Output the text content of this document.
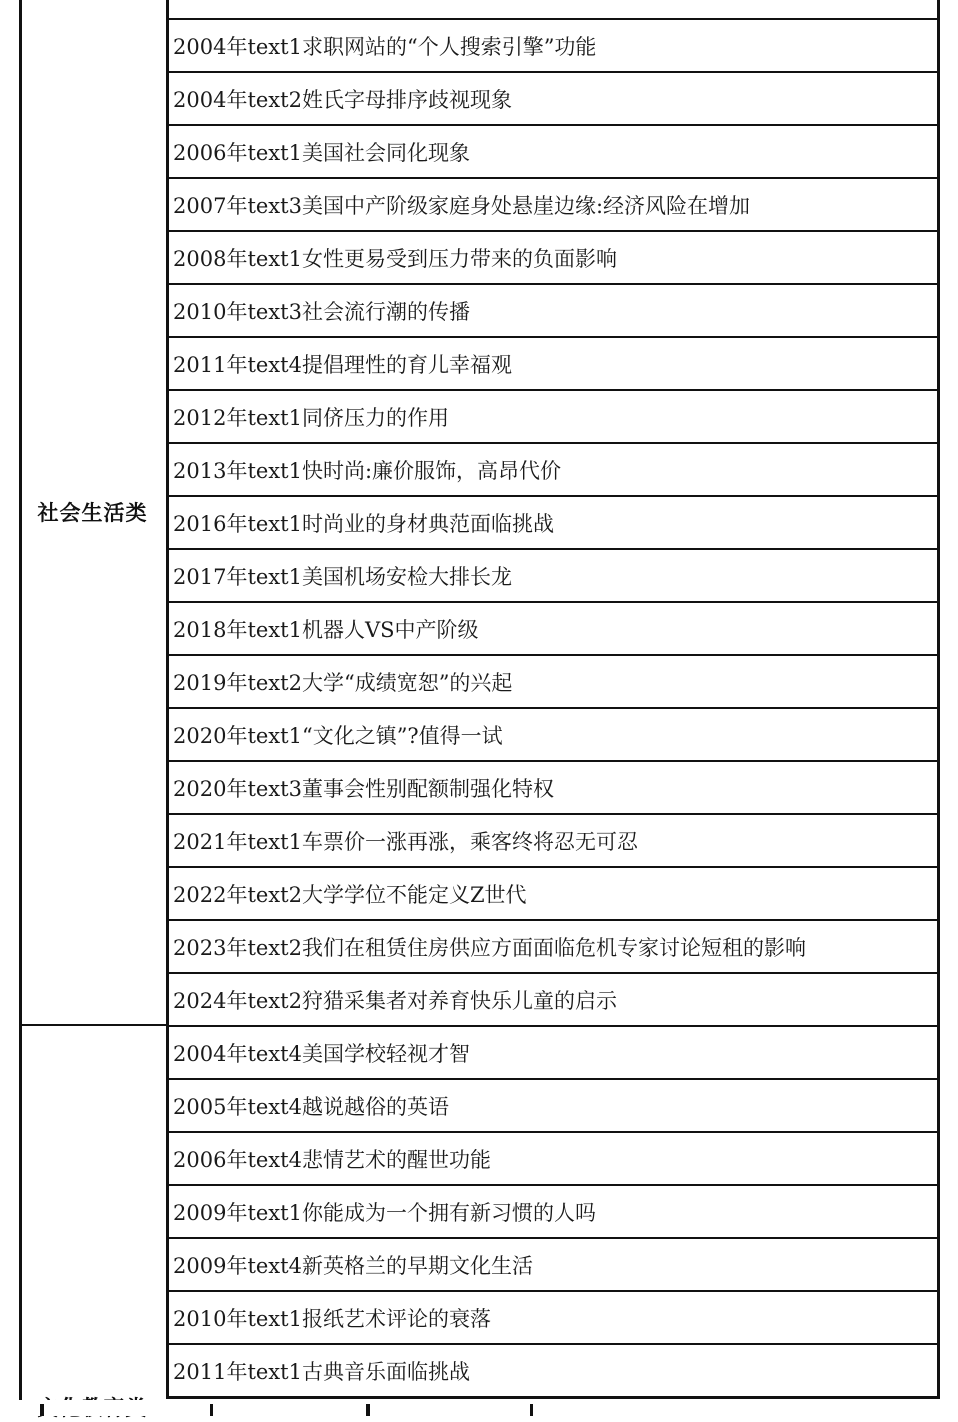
社会生活类
2004年text1求职网站的“个人搜索引擎”功能
2004年text2姓氏字母排序歧视现象
2006年text1美国社会同化现象
2007年text3美国中产阶级家庭身处悬崖边缘:经济风险在增加
2008年text1女性更易受到压力带来的负面影响
2010年text3社会流行潮的传播
2011年text4提倡理性的育儿幸福观
2012年text1同侪压力的作用
2013年text1快时尚:廉价服饰，高昂代价
2016年text1时尚业的身材典范面临挑战
2017年text1美国机场安检大排长龙
2018年text1机器人VS中产阶级
2019年text2大学“成绩宽恕”的兴起
2020年text1“文化之镇”?值得一试
2020年text3董事会性别配额制强化特权
2021年text1车票价一涨再涨，乘客终将忍无可忍
2022年text2大学学位不能定义Z世代
2023年text2我们在租赁住房供应方面面临危机专家讨论短租的影响
2024年text2狩猎采集者对养育快乐儿童的启示
2004年text4美国学校轻视才智
2005年text4越说越俗的英语
2006年text4悲情艺术的醒世功能
2009年text1你能成为一个拥有新习惯的人吗
2009年text4新英格兰的早期文化生活
2010年text1报纸艺术评论的衰落
2011年text1古典音乐面临挑战
